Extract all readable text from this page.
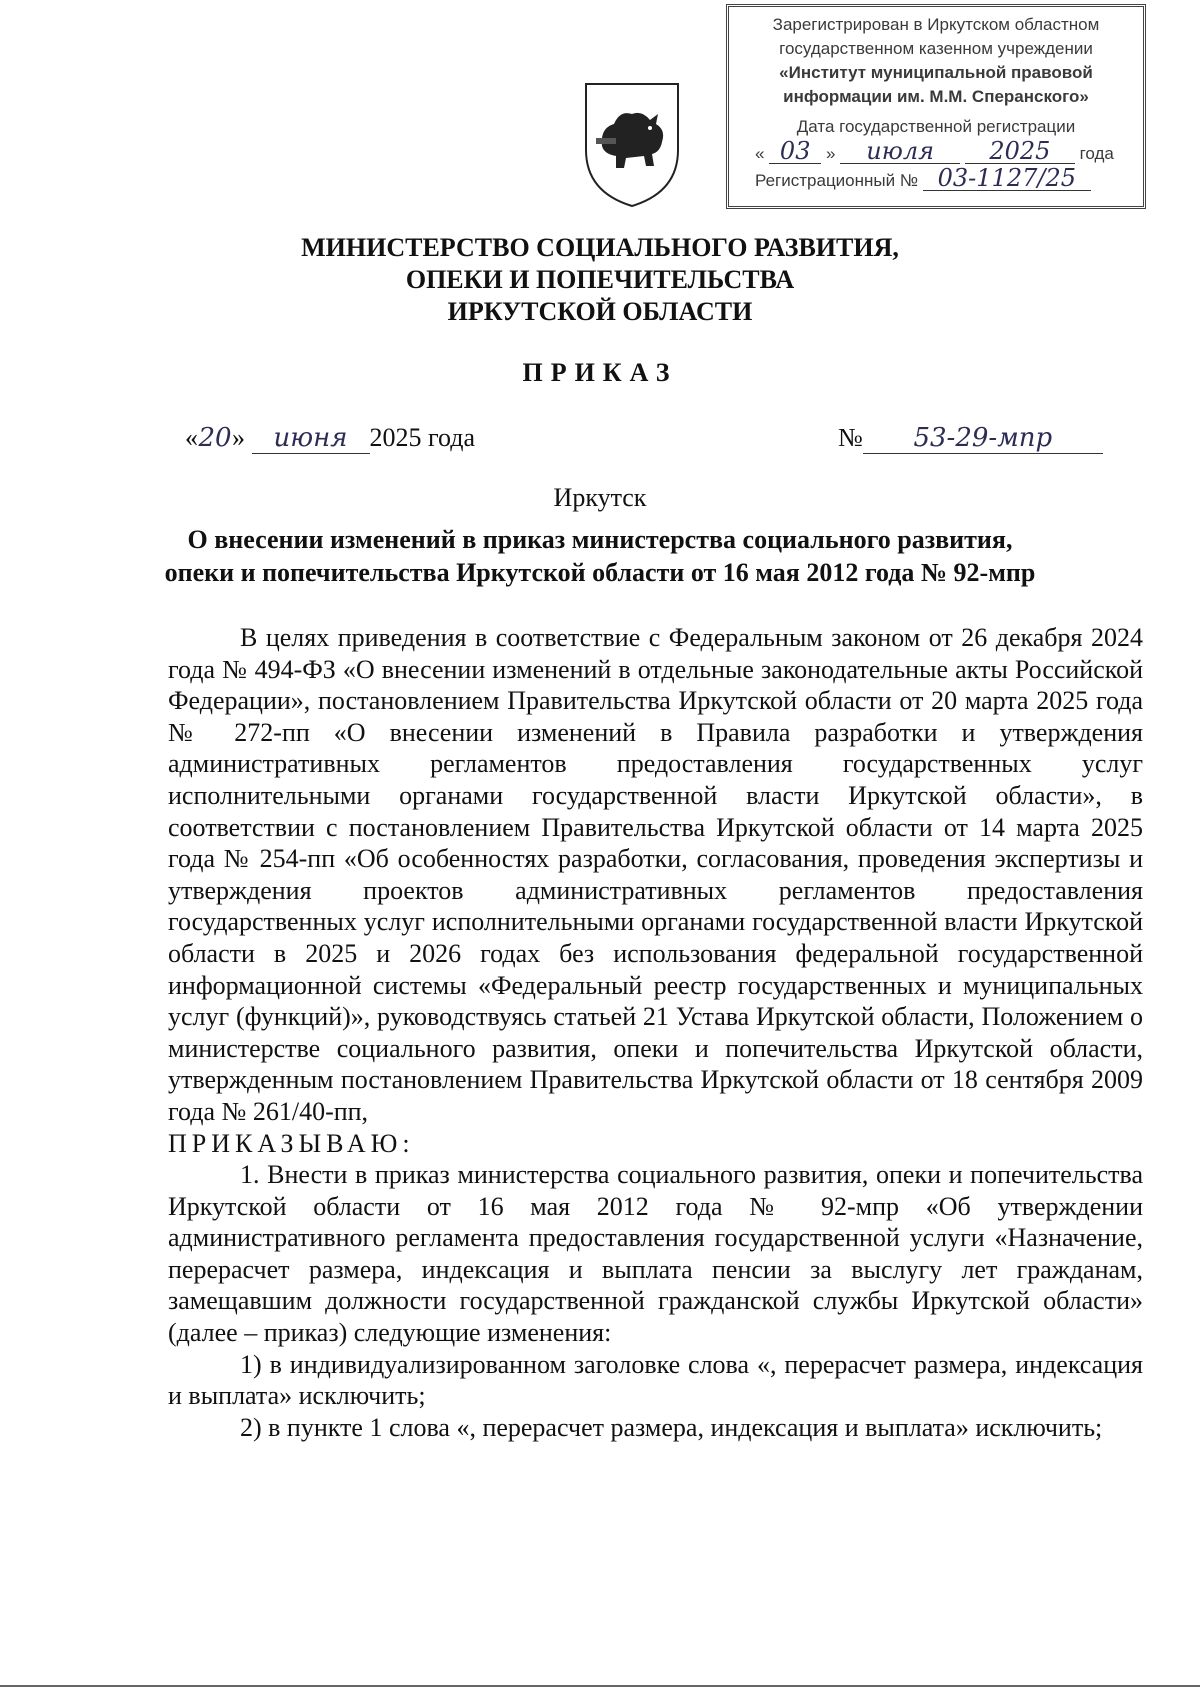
Зарегистрирован в Иркутском областном
государственном казенном учреждении
«Институт муниципальной правовой
информации им. М.М. Сперанского»
Дата государственной регистрации
« 03 » июля 2025 года
Регистрационный № 03-1127/25
МИНИСТЕРСТВО СОЦИАЛЬНОГО РАЗВИТИЯ,
ОПЕКИ И ПОПЕЧИТЕЛЬСТВА
ИРКУТСКОЙ ОБЛАСТИ
ПРИКАЗ
«20» июня 2025 года	№ 53-29-мпр
Иркутск
О внесении изменений в приказ министерства социального развития,
опеки и попечительства Иркутской области от 16 мая 2012 года № 92-мпр

В целях приведения в соответствие с Федеральным законом от 26 декабря 2024 года № 494-ФЗ «О внесении изменений в отдельные законодательные акты Российской Федерации», постановлением Правительства Иркутской области от 20 марта 2025 года № 272-пп «О внесении изменений в Правила разработки и утверждения административных регламентов предоставления государственных услуг исполнительными органами государственной власти Иркутской области», в соответствии с постановлением Правительства Иркутской области от 14 марта 2025 года № 254-пп «Об особенностях разработки, согласования, проведения экспертизы и утверждения проектов административных регламентов предоставления государственных услуг исполнительными органами государственной власти Иркутской области в 2025 и 2026 годах без использования федеральной государственной информационной системы «Федеральный реестр государственных и муниципальных услуг (функций)», руководствуясь статьей 21 Устава Иркутской области, Положением о министерстве социального развития, опеки и попечительства Иркутской области, утвержденным постановлением Правительства Иркутской области от 18 сентября 2009 года № 261/40-пп,

ПРИКАЗЫВАЮ:

1. Внести в приказ министерства социального развития, опеки и попечительства Иркутской области от 16 мая 2012 года № 92-мпр «Об утверждении административного регламента предоставления государственной услуги «Назначение, перерасчет размера, индексация и выплата пенсии за выслугу лет гражданам, замещавшим должности государственной гражданской службы Иркутской области» (далее – приказ) следующие изменения:

1) в индивидуализированном заголовке слова «, перерасчет размера, индексация и выплата» исключить;

2) в пункте 1 слова «, перерасчет размера, индексация и выплата» исключить;
